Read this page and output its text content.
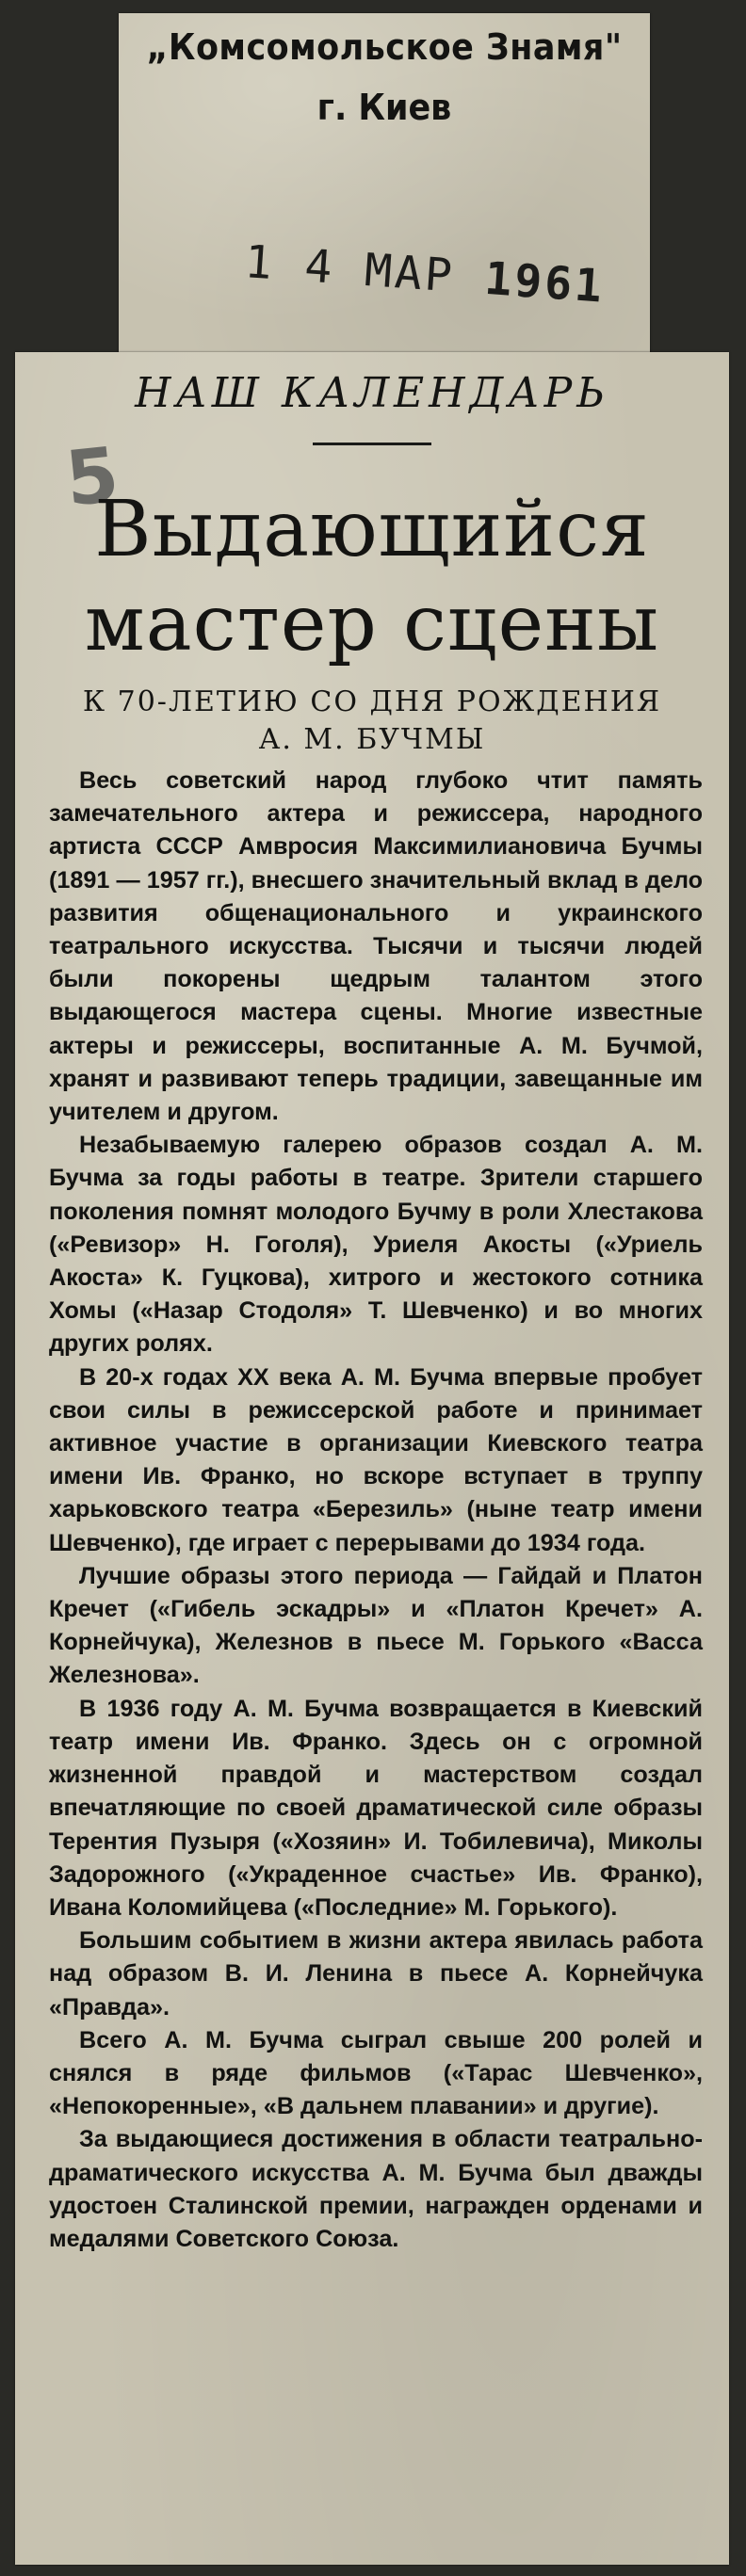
„Комсомольское Знамя"
г. Киев
1 4 МАР 1961
НАШ КАЛЕНДАРЬ
5
Выдающийся
мастер сцены
К 70-ЛЕТИЮ СО ДНЯ РОЖДЕНИЯ
А. М. БУЧМЫ

Весь советский народ глубоко чтит память замечательного актера и режиссера, народного артиста СССР Амвросия Максимилиановича Бучмы (1891 — 1957 гг.), внесшего значительный вклад в дело развития общенационального и украинского театрального искусства. Тысячи и тысячи людей были покорены щедрым талантом этого выдающегося мастера сцены. Многие известные актеры и режиссеры, воспитанные А. М. Бучмой, хранят и развивают теперь традиции, завещанные им учителем и другом.

Незабываемую галерею образов создал А. М. Бучма за годы работы в театре. Зрители старшего поколения помнят молодого Бучму в роли Хлестакова («Ревизор» Н. Гоголя), Уриеля Акосты («Уриель Акоста» К. Гуцкова), хитрого и жестокого сотника Хомы («Назар Стодоля» Т. Шевченко) и во многих других ролях.

В 20-х годах XX века А. М. Бучма впервые пробует свои силы в режиссерской работе и принимает активное участие в организации Киевского театра имени Ив. Франко, но вскоре вступает в труппу харьковского театра «Березиль» (ныне театр имени Шевченко), где играет с перерывами до 1934 года.

Лучшие образы этого периода — Гайдай и Платон Кречет («Гибель эскадры» и «Платон Кречет» А. Корнейчука), Железнов в пьесе М. Горького «Васса Железнова».

В 1936 году А. М. Бучма возвращается в Киевский театр имени Ив. Франко. Здесь он с огромной жизненной правдой и мастерством создал впечатляющие по своей драматической силе образы Терентия Пузыря («Хозяин» И. Тобилевича), Миколы Задорожного («Украденное счастье» Ив. Франко), Ивана Коломийцева («Последние» М. Горького).

Большим событием в жизни актера явилась работа над образом В. И. Ленина в пьесе А. Корнейчука «Правда».

Всего А. М. Бучма сыграл свыше 200 ролей и снялся в ряде фильмов («Тарас Шевченко», «Непокоренные», «В дальнем плавании» и другие).

За выдающиеся достижения в области театрально-драматического искусства А. М. Бучма был дважды удостоен Сталинской премии, награжден орденами и медалями Советского Союза.
